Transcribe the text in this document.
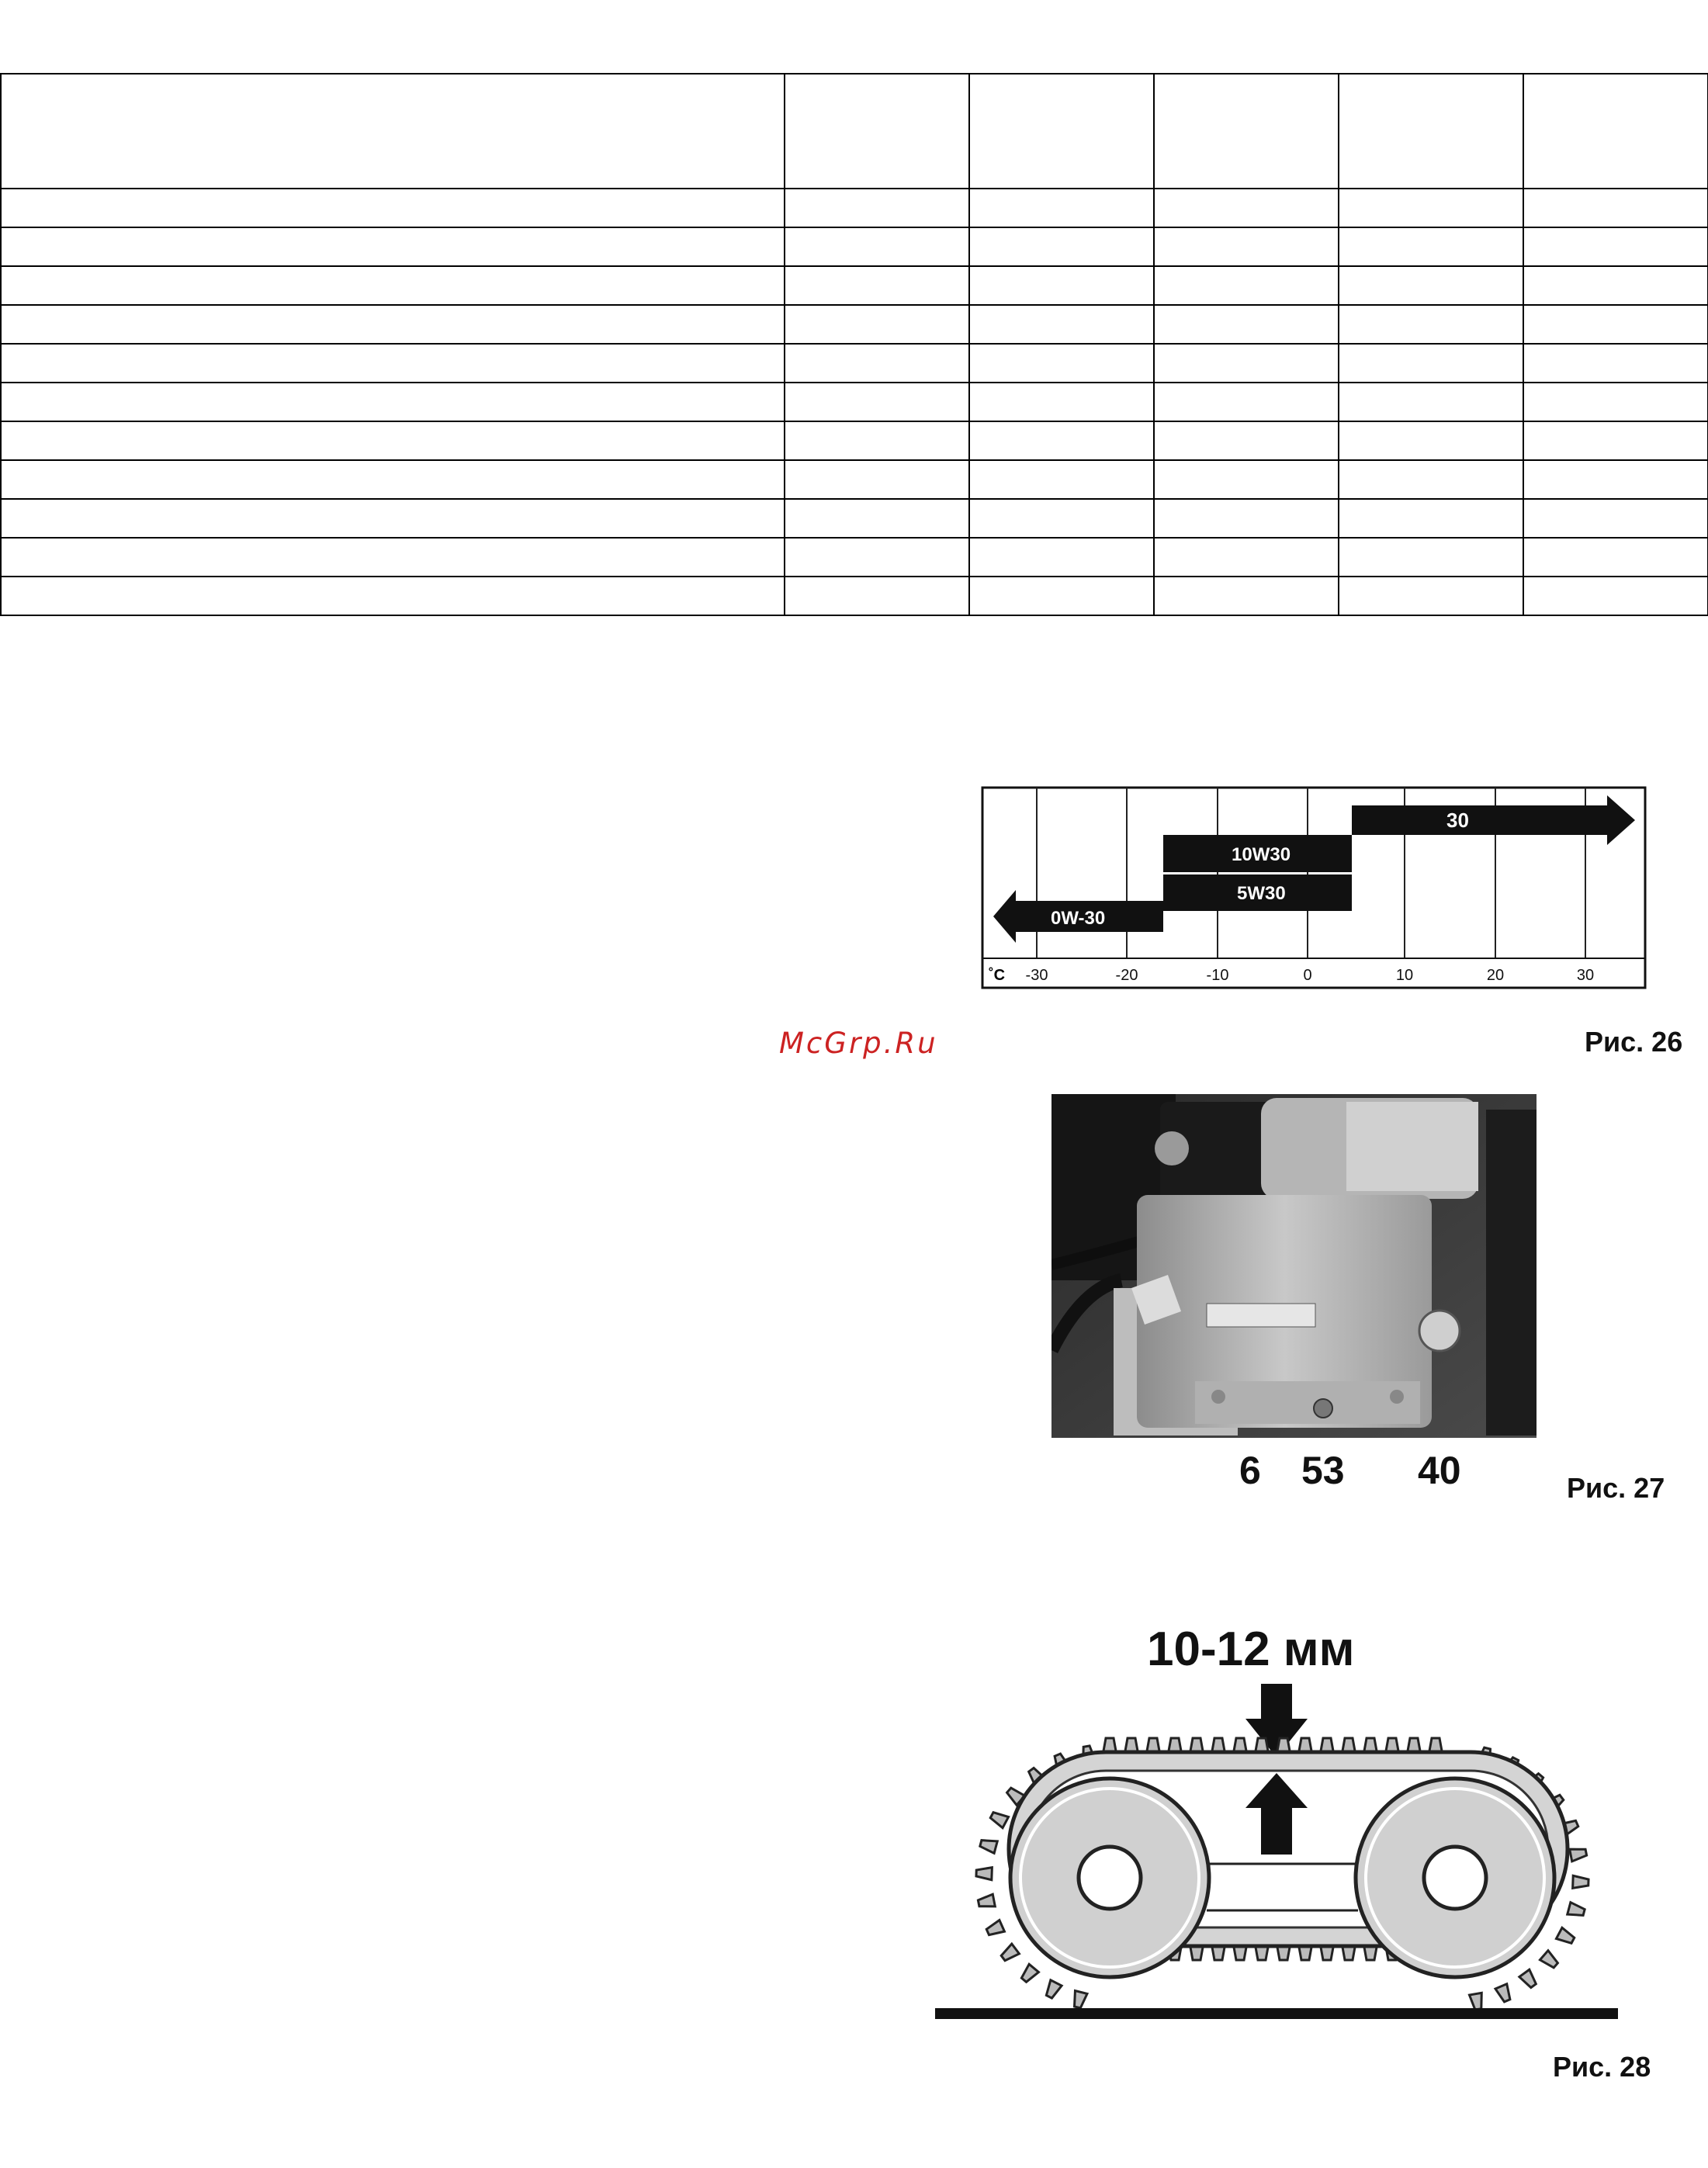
30
10W30
5W30
0W-30
˚C -30	-20	-10	0	10	20	30
Рис. 26
McGrp.Ru
6 53 40	Рис. 27
10-12 мм
Рис. 28
